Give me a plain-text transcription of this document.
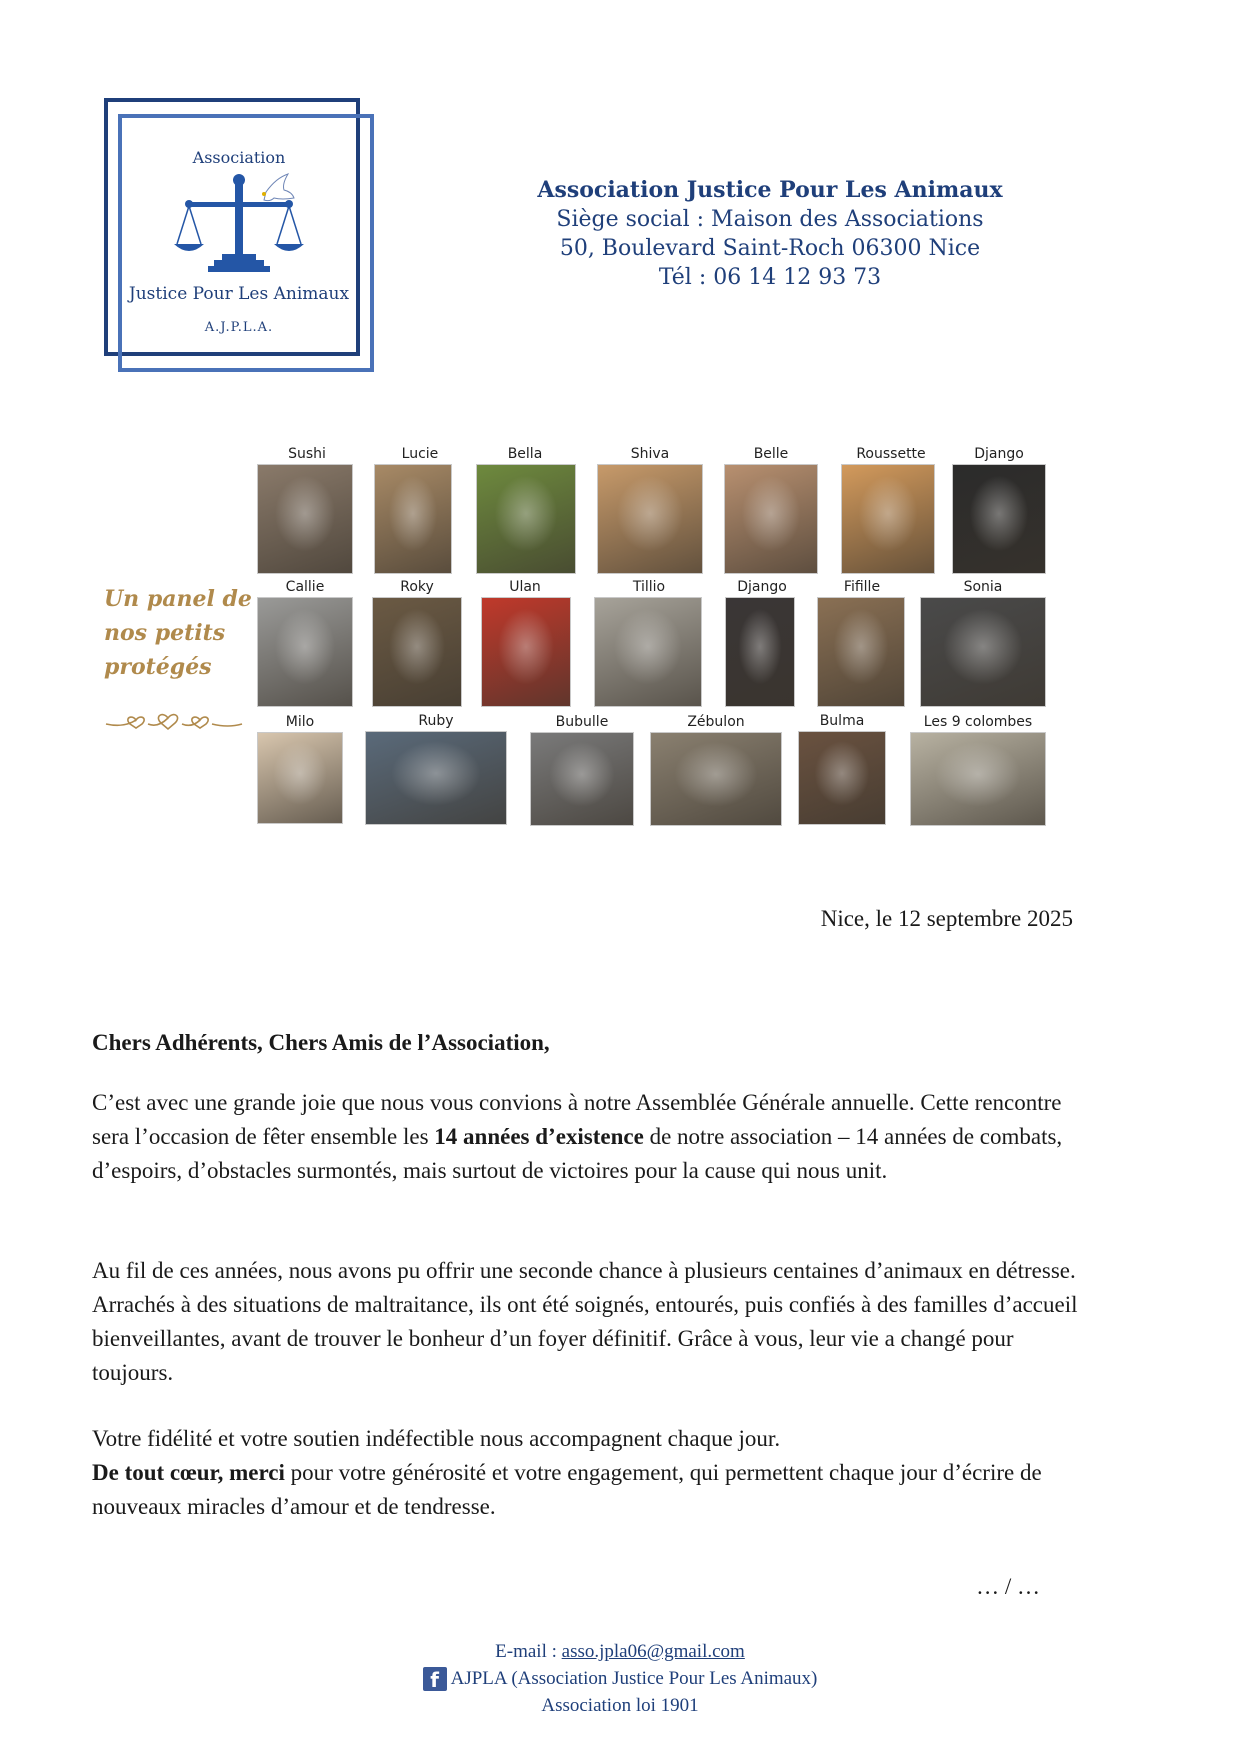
Association
Justice Pour Les Animaux
A.J.P.L.A.
Association Justice Pour Les Animaux
Siège social : Maison des Associations
50, Boulevard Saint-Roch 06300 Nice
Tél : 06 14 12 93 73
Un panel de
nos petits
protégés
Sushi	Lucie	Bella	Shiva	Belle	Roussette	Django
Callie	Roky	Ulan	Tillio	Django	Fifille	Sonia
Milo	Ruby	Bubulle	Zébulon	Bulma	Les 9 colombes
Nice, le 12 septembre 2025
Chers Adhérents, Chers Amis de l’Association,
C’est avec une grande joie que nous vous convions à notre Assemblée Générale annuelle. Cette rencontre sera l’occasion de fêter ensemble les 14 années d’existence de notre association – 14 années de combats, d’espoirs, d’obstacles surmontés, mais surtout de victoires pour la cause qui nous unit.
Au fil de ces années, nous avons pu offrir une seconde chance à plusieurs centaines d’animaux en détresse. Arrachés à des situations de maltraitance, ils ont été soignés, entourés, puis confiés à des familles d’accueil bienveillantes, avant de trouver le bonheur d’un foyer définitif. Grâce à vous, leur vie a changé pour toujours.
Votre fidélité et votre soutien indéfectible nous accompagnent chaque jour.
De tout cœur, merci pour votre générosité et votre engagement, qui permettent chaque jour d’écrire de nouveaux miracles d’amour et de tendresse.
… / …
E-mail : asso.jpla06@gmail.com
f AJPLA (Association Justice Pour Les Animaux)
Association loi 1901
